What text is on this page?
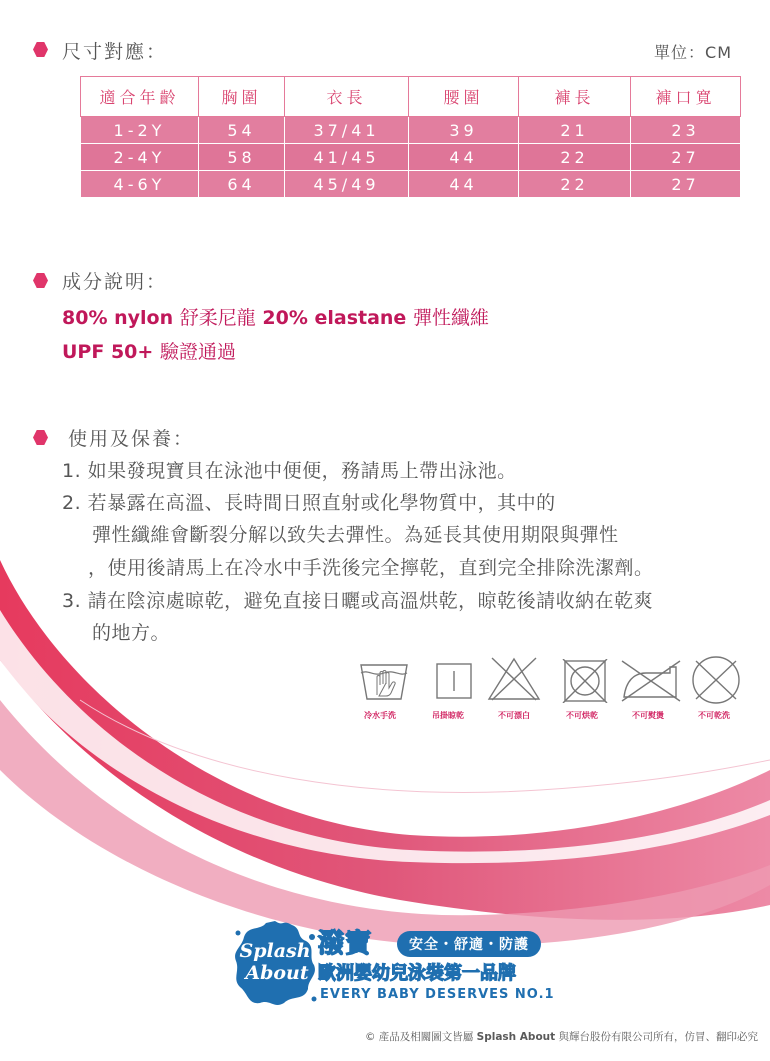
尺寸對應：	單位：CM
適合年齡	胸圍	衣長	腰圍	褲長	褲口寬
1-2Y	54	37/41	39	21	23
2-4Y	58	41/45	44	22	27
4-6Y	64	45/49	44	22	27
成分說明：
80% nylon 舒柔尼龍 20% elastane 彈性纖維
UPF 50+ 驗證通過
使用及保養：
1. 如果發現寶貝在泳池中便便，務請馬上帶出泳池。
2. 若暴露在高溫、長時間日照直射或化學物質中，其中的
彈性纖維會斷裂分解以致失去彈性。為延長其使用期限與彈性
，使用後請馬上在冷水中手洗後完全擰乾，直到完全排除洗潔劑。
3. 請在陰涼處晾乾，避免直接日曬或高溫烘乾，晾乾後請收納在乾爽
的地方。
冷水手洗	吊掛晾乾	不可漂白	不可烘乾	不可熨燙	不可乾洗
Splash
About
潑寶	安全・舒適・防護
歐洲嬰幼兒泳裝第一品牌
EVERY BABY DESERVES NO.1
© 產品及相關圖文皆屬 Splash About 與輝台股份有限公司所有，仿冒、翻印必究
